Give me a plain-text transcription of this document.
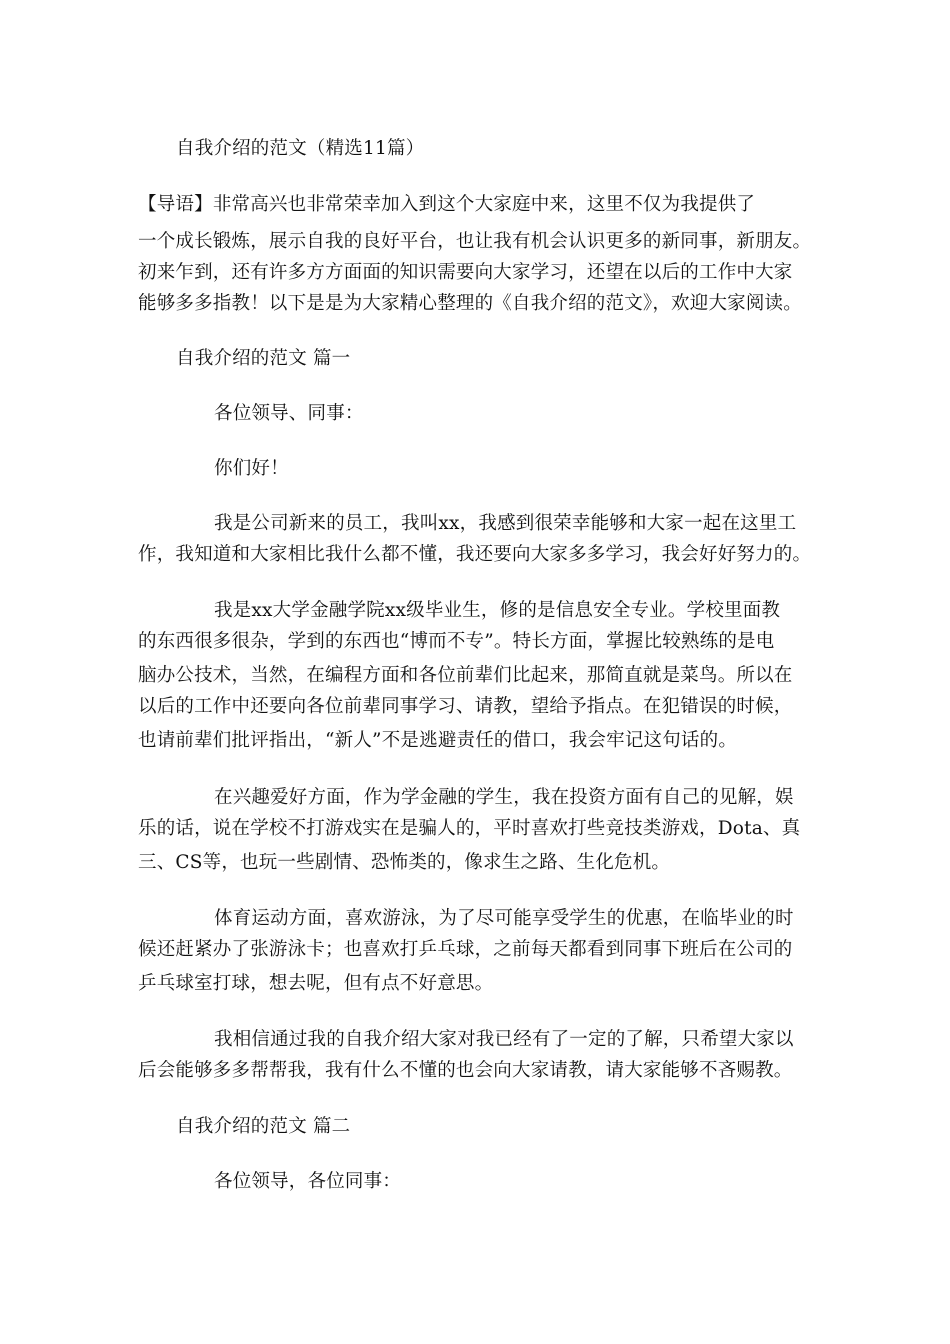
自我介绍的范文（精选11篇）
【导语】非常高兴也非常荣幸加入到这个大家庭中来，这里不仅为我提供了
一个成长锻炼，展示自我的良好平台，也让我有机会认识更多的新同事，新朋友。
初来乍到，还有许多方方面面的知识需要向大家学习，还望在以后的工作中大家
能够多多指教！以下是是为大家精心整理的《自我介绍的范文》，欢迎大家阅读。
自我介绍的范文 篇一
各位领导、同事：
你们好！
我是公司新来的员工，我叫xx，我感到很荣幸能够和大家一起在这里工
作，我知道和大家相比我什么都不懂，我还要向大家多多学习，我会好好努力的。
我是xx大学金融学院xx级毕业生，修的是信息安全专业。学校里面教
的东西很多很杂，学到的东西也“博而不专”。特长方面，掌握比较熟练的是电
脑办公技术，当然，在编程方面和各位前辈们比起来，那简直就是菜鸟。所以在
以后的工作中还要向各位前辈同事学习、请教，望给予指点。在犯错误的时候，
也请前辈们批评指出，“新人”不是逃避责任的借口，我会牢记这句话的。
在兴趣爱好方面，作为学金融的学生，我在投资方面有自己的见解，娱
乐的话，说在学校不打游戏实在是骗人的，平时喜欢打些竞技类游戏，Dota、真
三、CS等，也玩一些剧情、恐怖类的，像求生之路、生化危机。
体育运动方面，喜欢游泳，为了尽可能享受学生的优惠，在临毕业的时
候还赶紧办了张游泳卡；也喜欢打乒乓球，之前每天都看到同事下班后在公司的
乒乓球室打球，想去呢，但有点不好意思。
我相信通过我的自我介绍大家对我已经有了一定的了解，只希望大家以
后会能够多多帮帮我，我有什么不懂的也会向大家请教，请大家能够不吝赐教。
自我介绍的范文 篇二
各位领导，各位同事：
